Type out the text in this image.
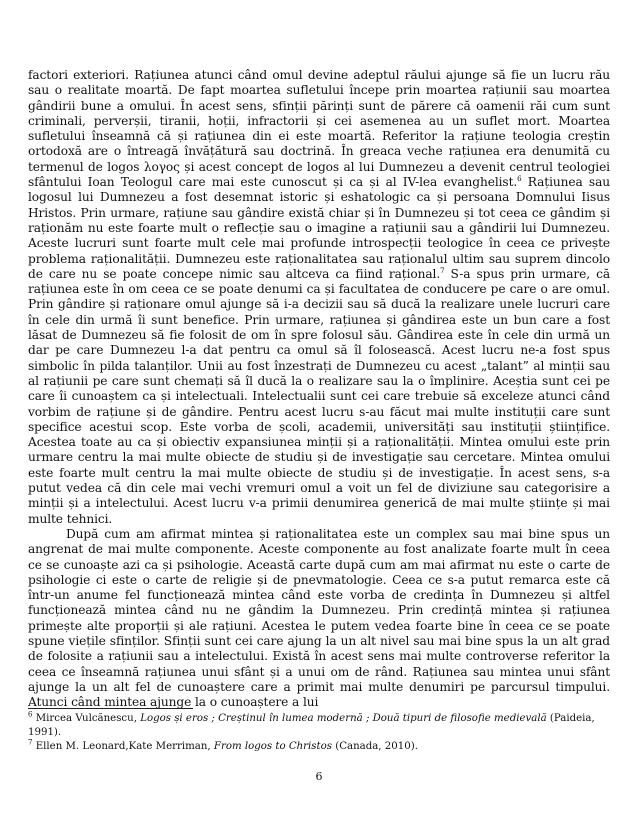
factori exteriori. Rațiunea atunci când omul devine adeptul răului ajunge să fie un lucru rău sau o realitate moartă. De fapt moartea sufletului începe prin moartea rațiunii sau moartea gândirii bune a omului. În acest sens, sfinții părinți sunt de părere că oamenii răi cum sunt criminali, perverșii, tiranii, hoții, infractorii și cei asemenea au un suflet mort. Moartea sufletului înseamnă că și rațiunea din ei este moartă. Referitor la rațiune teologia creștin ortodoxă are o întreagă învățătură sau doctrină. În greaca veche rațiunea era denumită cu termenul de logos λογος și acest concept de logos al lui Dumnezeu a devenit centrul teologiei sfântului Ioan Teologul care mai este cunoscut și ca și al IV-lea evanghelist.$^6$ Rațiunea sau logosul lui Dumnezeu a fost desemnat istoric și eshatologic ca și persoana Domnului Iisus Hristos. Prin urmare, rațiune sau gândire există chiar și în Dumnezeu și tot ceea ce gândim și raționăm nu este foarte mult o reflecție sau o imagine a rațiunii sau a gândirii lui Dumnezeu. Aceste lucruri sunt foarte mult cele mai profunde introspecții teologice în ceea ce privește problema raționalității. Dumnezeu este raționalitatea sau raționalul ultim sau suprem dincolo de care nu se poate concepe nimic sau altceva ca fiind rațional.$^7$ S-a spus prin urmare, că rațiunea este în om ceea ce se poate denumi ca și facultatea de conducere pe care o are omul. Prin gândire și raționare omul ajunge să i-a decizii sau să ducă la realizare unele lucruri care în cele din urmă îi sunt benefice. Prin urmare, rațiunea și gândirea este un bun care a fost lăsat de Dumnezeu să fie folosit de om în spre folosul său. Gândirea este în cele din urmă un dar pe care Dumnezeu l-a dat pentru ca omul să îl folosească. Acest lucru ne-a fost spus simbolic în pilda talanților. Unii au fost înzestrați de Dumnezeu cu acest „talant” al minții sau al rațiunii pe care sunt chemați să îl ducă la o realizare sau la o împlinire. Aceștia sunt cei pe care îi cunoaștem ca și intelectuali. Intelectualii sunt cei care trebuie să exceleze atunci când vorbim de rațiune și de gândire. Pentru acest lucru s-au făcut mai multe instituții care sunt specifice acestui scop. Este vorba de școli, academii, universități sau instituții științifice. Acestea toate au ca și obiectiv expansiunea minții și a raționalității. Mintea omului este prin urmare centru la mai multe obiecte de studiu și de investigație sau cercetare. Mintea omului este foarte mult centru la mai multe obiecte de studiu și de investigație. În acest sens, s-a putut vedea că din cele mai vechi vremuri omul a voit un fel de diviziune sau categorisire a minții și a intelectului. Acest lucru v-a primii denumirea generică de mai multe științe și mai multe tehnici.

După cum am afirmat mintea și raționalitatea este un complex sau mai bine spus un angrenat de mai multe componente. Aceste componente au fost analizate foarte mult în ceea ce se cunoaște azi ca și psihologie. Această carte după cum am mai afirmat nu este o carte de psihologie ci este o carte de religie și de pnevmatologie. Ceea ce s-a putut remarca este că într-un anume fel funcționează mintea când este vorba de credința în Dumnezeu și altfel funcționează mintea când nu ne gândim la Dumnezeu. Prin credință mintea și rațiunea primește alte proporții și ale rațiuni. Acestea le putem vedea foarte bine în ceea ce se poate spune viețile sfinților. Sfinții sunt cei care ajung la un alt nivel sau mai bine spus la un alt grad de folosite a rațiunii sau a intelectului. Există în acest sens mai multe controverse referitor la ceea ce înseamnă rațiunea unui sfânt și a unui om de rând. Rațiunea sau mintea unui sfânt ajunge la un alt fel de cunoaștere care a primit mai multe denumiri pe parcursul timpului. Atunci când mintea ajunge la o cunoaștere a lui

$^6$ Mircea Vulcănescu, Logos și eros ; Creștinul în lumea modernă ; Două tipuri de filosofie medievală (Paideia, 1991).

$^7$ Ellen M. Leonard,Kate Merriman, From logos to Christos (Canada, 2010).

6
